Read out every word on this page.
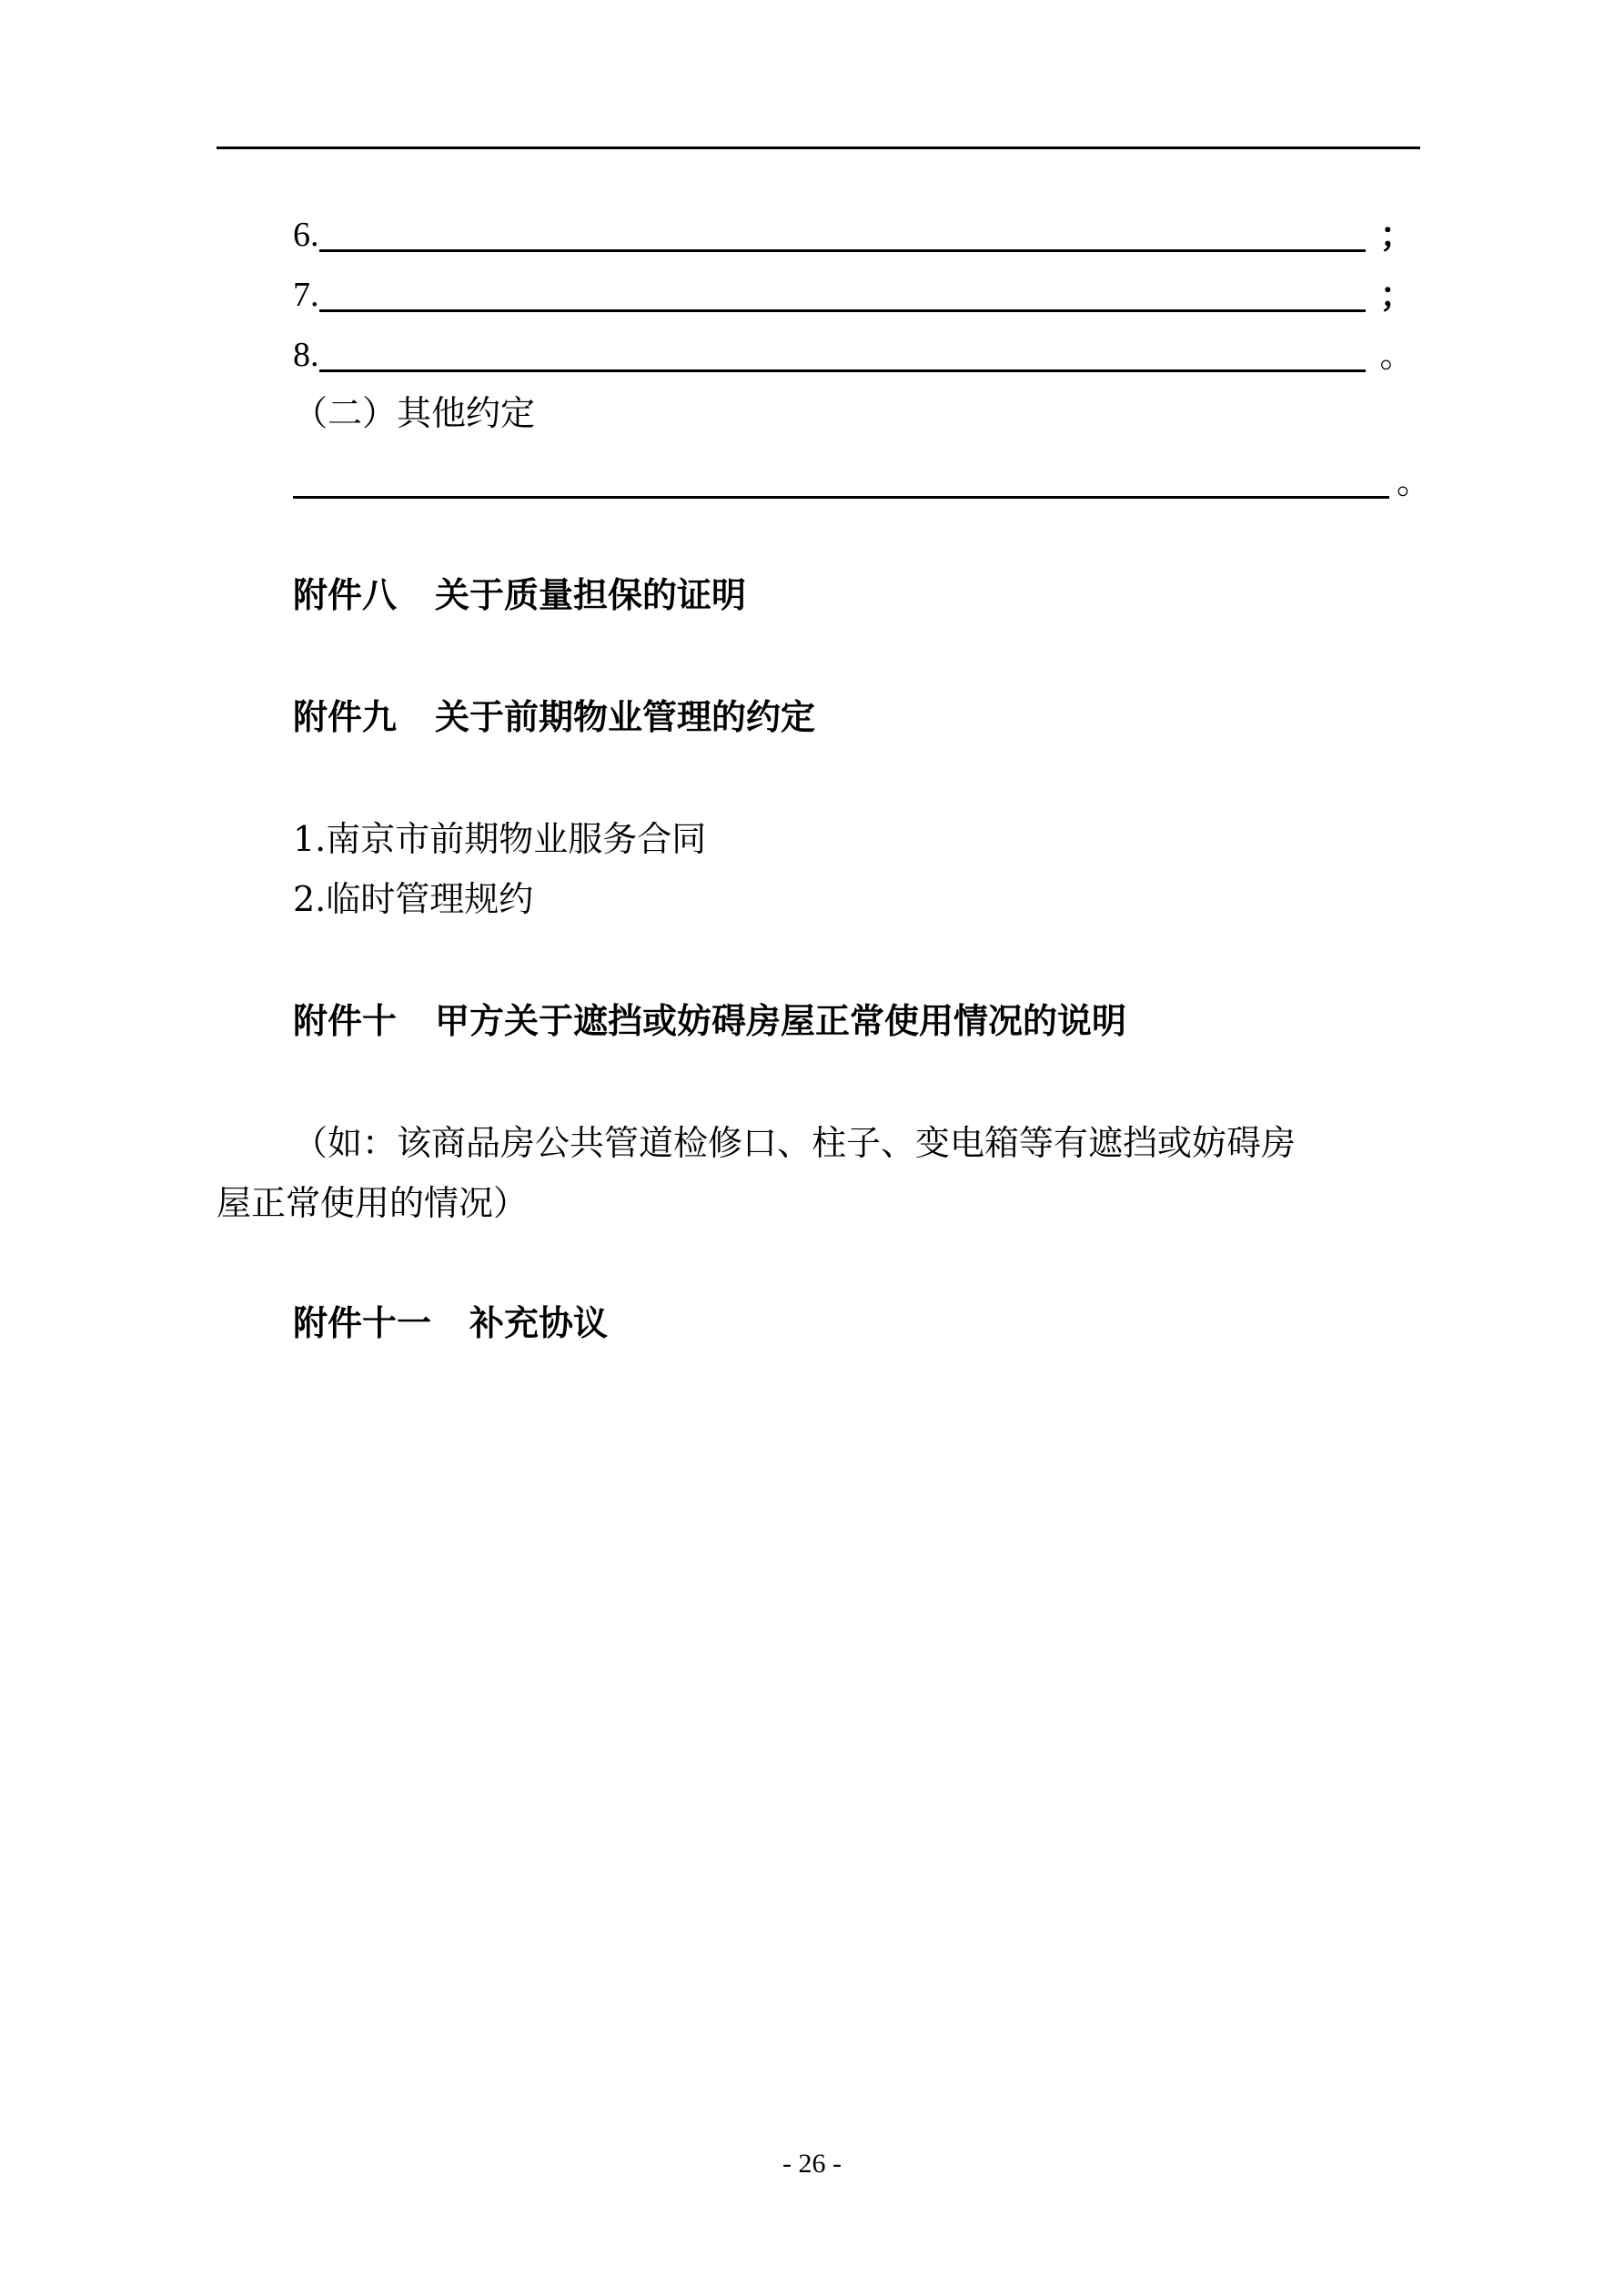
6.	；
7.	；
8.	。
（二）其他约定
。
附件八 关于质量担保的证明
附件九 关于前期物业管理的约定
1.南京市前期物业服务合同
2.临时管理规约
附件十 甲方关于遮挡或妨碍房屋正常使用情况的说明
（如：该商品房公共管道检修口、柱子、变电箱等有遮挡或妨碍房
屋正常使用的情况）
附件十一 补充协议
- 26 -
